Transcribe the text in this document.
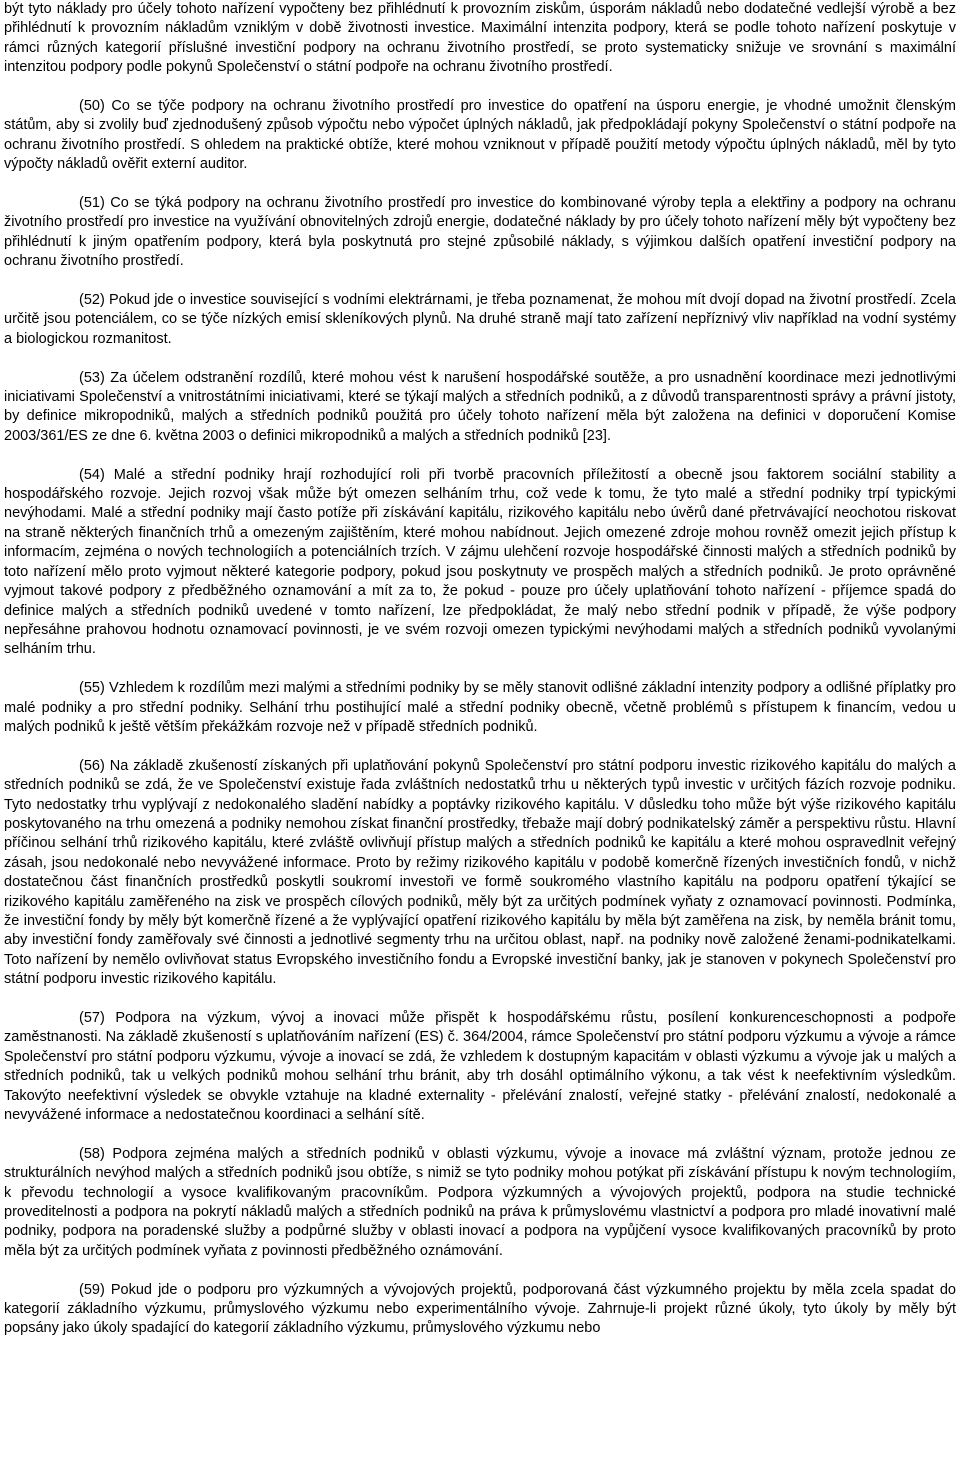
být tyto náklady pro účely tohoto nařízení vypočteny bez přihlédnutí k provozním ziskům, úsporám nákladů nebo dodatečné vedlejší výrobě a bez přihlédnutí k provozním nákladům vzniklým v době životnosti investice. Maximální intenzita podpory, která se podle tohoto nařízení poskytuje v rámci různých kategorií příslušné investiční podpory na ochranu životního prostředí, se proto systematicky snižuje ve srovnání s maximální intenzitou podpory podle pokynů Společenství o státní podpoře na ochranu životního prostředí.

(50) Co se týče podpory na ochranu životního prostředí pro investice do opatření na úsporu energie, je vhodné umožnit členským státům, aby si zvolily buď zjednodušený způsob výpočtu nebo výpočet úplných nákladů, jak předpokládají pokyny Společenství o státní podpoře na ochranu životního prostředí. S ohledem na praktické obtíže, které mohou vzniknout v případě použití metody výpočtu úplných nákladů, měl by tyto výpočty nákladů ověřit externí auditor.

(51) Co se týká podpory na ochranu životního prostředí pro investice do kombinované výroby tepla a elektřiny a podpory na ochranu životního prostředí pro investice na využívání obnovitelných zdrojů energie, dodatečné náklady by pro účely tohoto nařízení měly být vypočteny bez přihlédnutí k jiným opatřením podpory, která byla poskytnutá pro stejné způsobilé náklady, s výjimkou dalších opatření investiční podpory na ochranu životního prostředí.

(52) Pokud jde o investice související s vodními elektrárnami, je třeba poznamenat, že mohou mít dvojí dopad na životní prostředí. Zcela určitě jsou potenciálem, co se týče nízkých emisí skleníkových plynů. Na druhé straně mají tato zařízení nepříznivý vliv například na vodní systémy a biologickou rozmanitost.

(53) Za účelem odstranění rozdílů, které mohou vést k narušení hospodářské soutěže, a pro usnadnění koordinace mezi jednotlivými iniciativami Společenství a vnitrostátními iniciativami, které se týkají malých a středních podniků, a z důvodů transparentnosti správy a právní jistoty, by definice mikropodniků, malých a středních podniků použitá pro účely tohoto nařízení měla být založena na definici v doporučení Komise 2003/361/ES ze dne 6. května 2003 o definici mikropodniků a malých a středních podniků [23].

(54) Malé a střední podniky hrají rozhodující roli při tvorbě pracovních příležitostí a obecně jsou faktorem sociální stability a hospodářského rozvoje. Jejich rozvoj však může být omezen selháním trhu, což vede k tomu, že tyto malé a střední podniky trpí typickými nevýhodami. Malé a střední podniky mají často potíže při získávání kapitálu, rizikového kapitálu nebo úvěrů dané přetrvávající neochotou riskovat na straně některých finančních trhů a omezeným zajištěním, které mohou nabídnout. Jejich omezené zdroje mohou rovněž omezit jejich přístup k informacím, zejména o nových technologiích a potenciálních trzích. V zájmu ulehčení rozvoje hospodářské činnosti malých a středních podniků by toto nařízení mělo proto vyjmout některé kategorie podpory, pokud jsou poskytnuty ve prospěch malých a středních podniků. Je proto oprávněné vyjmout takové podpory z předběžného oznamování a mít za to, že pokud - pouze pro účely uplatňování tohoto nařízení - příjemce spadá do definice malých a středních podniků uvedené v tomto nařízení, lze předpokládat, že malý nebo střední podnik v případě, že výše podpory nepřesáhne prahovou hodnotu oznamovací povinnosti, je ve svém rozvoji omezen typickými nevýhodami malých a středních podniků vyvolanými selháním trhu.

(55) Vzhledem k rozdílům mezi malými a středními podniky by se měly stanovit odlišné základní intenzity podpory a odlišné příplatky pro malé podniky a pro střední podniky. Selhání trhu postihující malé a střední podniky obecně, včetně problémů s přístupem k financím, vedou u malých podniků k ještě větším překážkám rozvoje než v případě středních podniků.

(56) Na základě zkušeností získaných při uplatňování pokynů Společenství pro státní podporu investic rizikového kapitálu do malých a středních podniků se zdá, že ve Společenství existuje řada zvláštních nedostatků trhu u některých typů investic v určitých fázích rozvoje podniku. Tyto nedostatky trhu vyplývají z nedokonalého sladění nabídky a poptávky rizikového kapitálu. V důsledku toho může být výše rizikového kapitálu poskytovaného na trhu omezená a podniky nemohou získat finanční prostředky, třebaže mají dobrý podnikatelský záměr a perspektivu růstu. Hlavní příčinou selhání trhů rizikového kapitálu, které zvláště ovlivňují přístup malých a středních podniků ke kapitálu a které mohou ospravedlnit veřejný zásah, jsou nedokonalé nebo nevyvážené informace. Proto by režimy rizikového kapitálu v podobě komerčně řízených investičních fondů, v nichž dostatečnou část finančních prostředků poskytli soukromí investoři ve formě soukromého vlastního kapitálu na podporu opatření týkající se rizikového kapitálu zaměřeného na zisk ve prospěch cílových podniků, měly být za určitých podmínek vyňaty z oznamovací povinnosti. Podmínka, že investiční fondy by měly být komerčně řízené a že vyplývající opatření rizikového kapitálu by měla být zaměřena na zisk, by neměla bránit tomu, aby investiční fondy zaměřovaly své činnosti a jednotlivé segmenty trhu na určitou oblast, např. na podniky nově založené ženami-podnikatelkami. Toto nařízení by nemělo ovlivňovat status Evropského investičního fondu a Evropské investiční banky, jak je stanoven v pokynech Společenství pro státní podporu investic rizikového kapitálu.

(57) Podpora na výzkum, vývoj a inovaci může přispět k hospodářskému růstu, posílení konkurenceschopnosti a podpoře zaměstnanosti. Na základě zkušeností s uplatňováním nařízení (ES) č. 364/2004, rámce Společenství pro státní podporu výzkumu a vývoje a rámce Společenství pro státní podporu výzkumu, vývoje a inovací se zdá, že vzhledem k dostupným kapacitám v oblasti výzkumu a vývoje jak u malých a středních podniků, tak u velkých podniků mohou selhání trhu bránit, aby trh dosáhl optimálního výkonu, a tak vést k neefektivním výsledkům. Takovýto neefektivní výsledek se obvykle vztahuje na kladné externality - přelévání znalostí, veřejné statky - přelévání znalostí, nedokonalé a nevyvážené informace a nedostatečnou koordinaci a selhání sítě.

(58) Podpora zejména malých a středních podniků v oblasti výzkumu, vývoje a inovace má zvláštní význam, protože jednou ze strukturálních nevýhod malých a středních podniků jsou obtíže, s nimiž se tyto podniky mohou potýkat při získávání přístupu k novým technologiím, k převodu technologií a vysoce kvalifikovaným pracovníkům. Podpora výzkumných a vývojových projektů, podpora na studie technické proveditelnosti a podpora na pokrytí nákladů malých a středních podniků na práva k průmyslovému vlastnictví a podpora pro mladé inovativní malé podniky, podpora na poradenské služby a podpůrné služby v oblasti inovací a podpora na vypůjčení vysoce kvalifikovaných pracovníků by proto měla být za určitých podmínek vyňata z povinnosti předběžného oznámování.

(59) Pokud jde o podporu pro výzkumných a vývojových projektů, podporovaná část výzkumného projektu by měla zcela spadat do kategorií základního výzkumu, průmyslového výzkumu nebo experimentálního vývoje. Zahrnuje-li projekt různé úkoly, tyto úkoly by měly být popsány jako úkoly spadající do kategorií základního výzkumu, průmyslového výzkumu nebo
